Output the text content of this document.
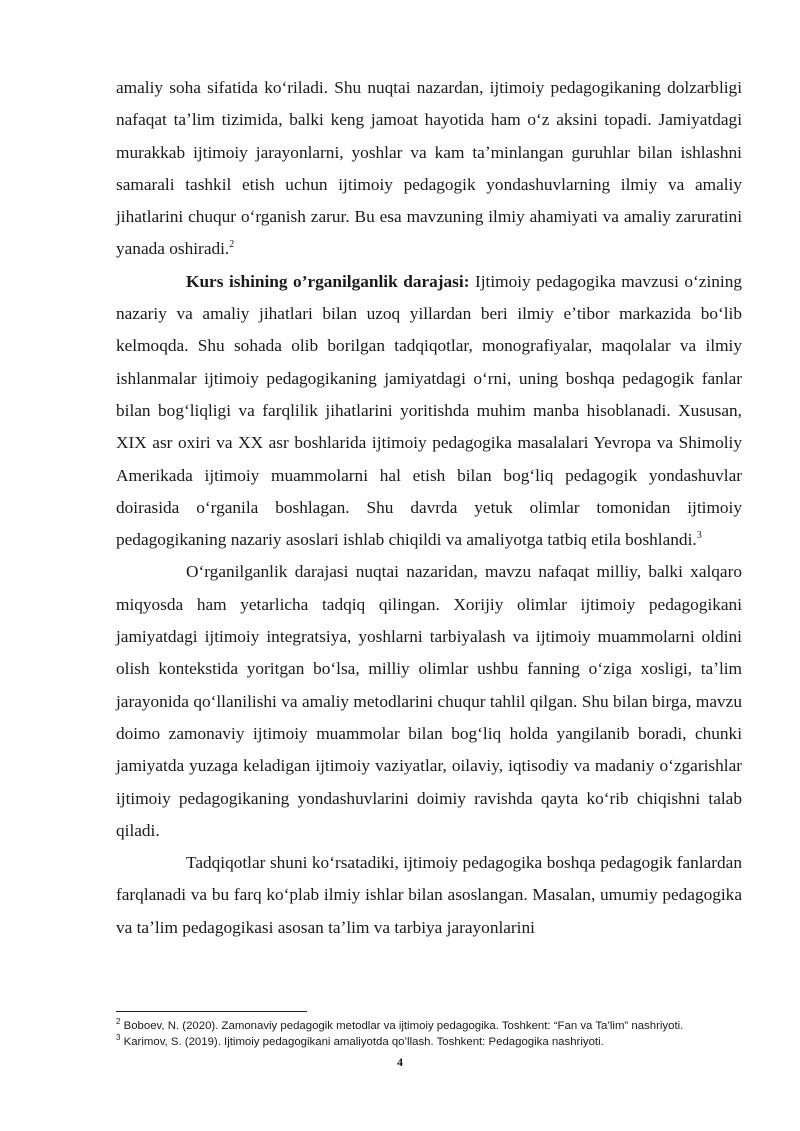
amaliy soha sifatida koʻriladi. Shu nuqtai nazardan, ijtimoiy pedagogikaning dolzarbligi nafaqat taʼlim tizimida, balki keng jamoat hayotida ham oʻz aksini topadi. Jamiyatdagi murakkab ijtimoiy jarayonlarni, yoshlar va kam taʼminlangan guruhlar bilan ishlashni samarali tashkil etish uchun ijtimoiy pedagogik yondashuvlarning ilmiy va amaliy jihatlarini chuqur oʻrganish zarur. Bu esa mavzuning ilmiy ahamiyati va amaliy zaruratini yanada oshiradi.$^2$

Kurs ishining o’rganilganlik darajasi: Ijtimoiy pedagogika mavzusi oʻzining nazariy va amaliy jihatlari bilan uzoq yillardan beri ilmiy eʼtibor markazida boʻlib kelmoqda. Shu sohada olib borilgan tadqiqotlar, monografiyalar, maqolalar va ilmiy ishlanmalar ijtimoiy pedagogikaning jamiyatdagi oʻrni, uning boshqa pedagogik fanlar bilan bogʻliqligi va farqlilik jihatlarini yoritishda muhim manba hisoblanadi. Xususan, XIX asr oxiri va XX asr boshlarida ijtimoiy pedagogika masalalari Yevropa va Shimoliy Amerikada ijtimoiy muammolarni hal etish bilan bogʻliq pedagogik yondashuvlar doirasida oʻrganila boshlagan. Shu davrda yetuk olimlar tomonidan ijtimoiy pedagogikaning nazariy asoslari ishlab chiqildi va amaliyotga tatbiq etila boshlandi.$^3$

Oʻrganilganlik darajasi nuqtai nazaridan, mavzu nafaqat milliy, balki xalqaro miqyosda ham yetarlicha tadqiq qilingan. Xorijiy olimlar ijtimoiy pedagogikani jamiyatdagi ijtimoiy integratsiya, yoshlarni tarbiyalash va ijtimoiy muammolarni oldini olish kontekstida yoritgan boʻlsa, milliy olimlar ushbu fanning oʻziga xosligi, taʼlim jarayonida qoʻllanilishi va amaliy metodlarini chuqur tahlil qilgan. Shu bilan birga, mavzu doimo zamonaviy ijtimoiy muammolar bilan bogʻliq holda yangilanib boradi, chunki jamiyatda yuzaga keladigan ijtimoiy vaziyatlar, oilaviy, iqtisodiy va madaniy oʻzgarishlar ijtimoiy pedagogikaning yondashuvlarini doimiy ravishda qayta koʻrib chiqishni talab qiladi.

Tadqiqotlar shuni koʻrsatadiki, ijtimoiy pedagogika boshqa pedagogik fanlardan farqlanadi va bu farq koʻplab ilmiy ishlar bilan asoslangan. Masalan, umumiy pedagogika va taʼlim pedagogikasi asosan taʼlim va tarbiya jarayonlarini

$^2$ Boboev, N. (2020). Zamonaviy pedagogik metodlar va ijtimoiy pedagogika. Toshkent: “Fan va Ta’lim” nashriyoti.
$^3$ Karimov, S. (2019). Ijtimoiy pedagogikani amaliyotda qoʻllash. Toshkent: Pedagogika nashriyoti.
4
